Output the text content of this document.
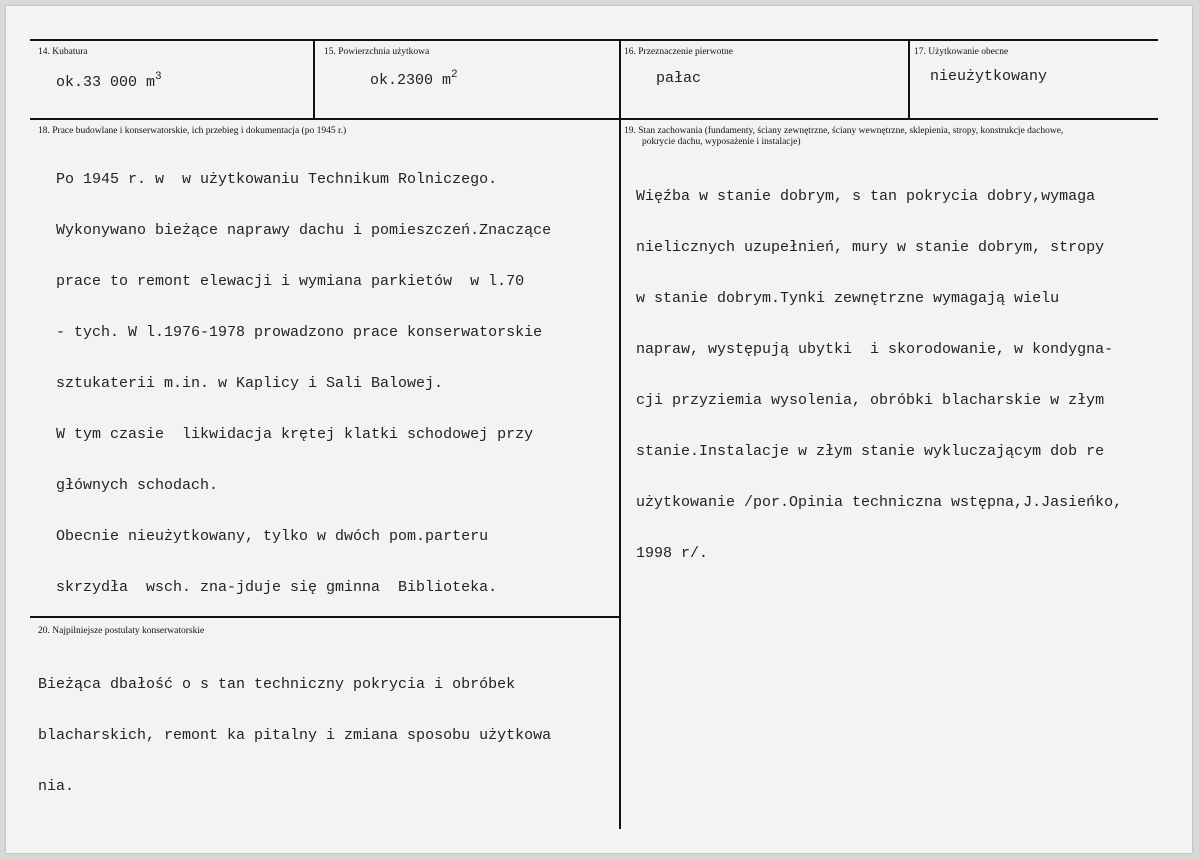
14. Kubatura
ok.33 000 $m^3$
15. Powierzchnia użytkowa
ok.2300 $m^2$
16. Przeznaczenie pierwotne
pałac
17. Użytkowanie obecne
nieużytkowany
18. Prace budowlane i konserwatorskie, ich przebieg i dokumentacja (po 1945 r.)

Po 1945 r. w  w użytkowaniu Technikum Rolniczego.

Wykonywano bieżące naprawy dachu i pomieszczeń.Znaczące

prace to remont elewacji i wymiana parkietów  w l.70

- tych. W l.1976-1978 prowadzono prace konserwatorskie

sztukaterii m.in. w Kaplicy i Sali Balowej.

W tym czasie  likwidacja krętej klatki schodowej przy

głównych schodach.

Obecnie nieużytkowany, tylko w dwóch pom.parteru

skrzydła  wsch. zna-jduje się gminna  Biblioteka.

19. Stan zachowania (fundamenty, ściany zewnętrzne, ściany wewnętrzne, sklepienia, stropy, konstrukcje dachowe,
pokrycie dachu, wyposażenie i instalacje)

Więźba w stanie dobrym, s tan pokrycia dobry,wymaga

nielicznych uzupełnień, mury w stanie dobrym, stropy

w stanie dobrym.Tynki zewnętrzne wymagają wielu

napraw, występują ubytki  i skorodowanie, w kondygna-

cji przyziemia wysolenia, obróbki blacharskie w złym

stanie.Instalacje w złym stanie wykluczającym dob re

użytkowanie /por.Opinia techniczna wstępna,J.Jasieńko,

1998 r/.

20. Najpilniejsze postulaty konserwatorskie

Bieżąca dbałość o s tan techniczny pokrycia i obróbek

blacharskich, remont ka pitalny i zmiana sposobu użytkowa

nia.
